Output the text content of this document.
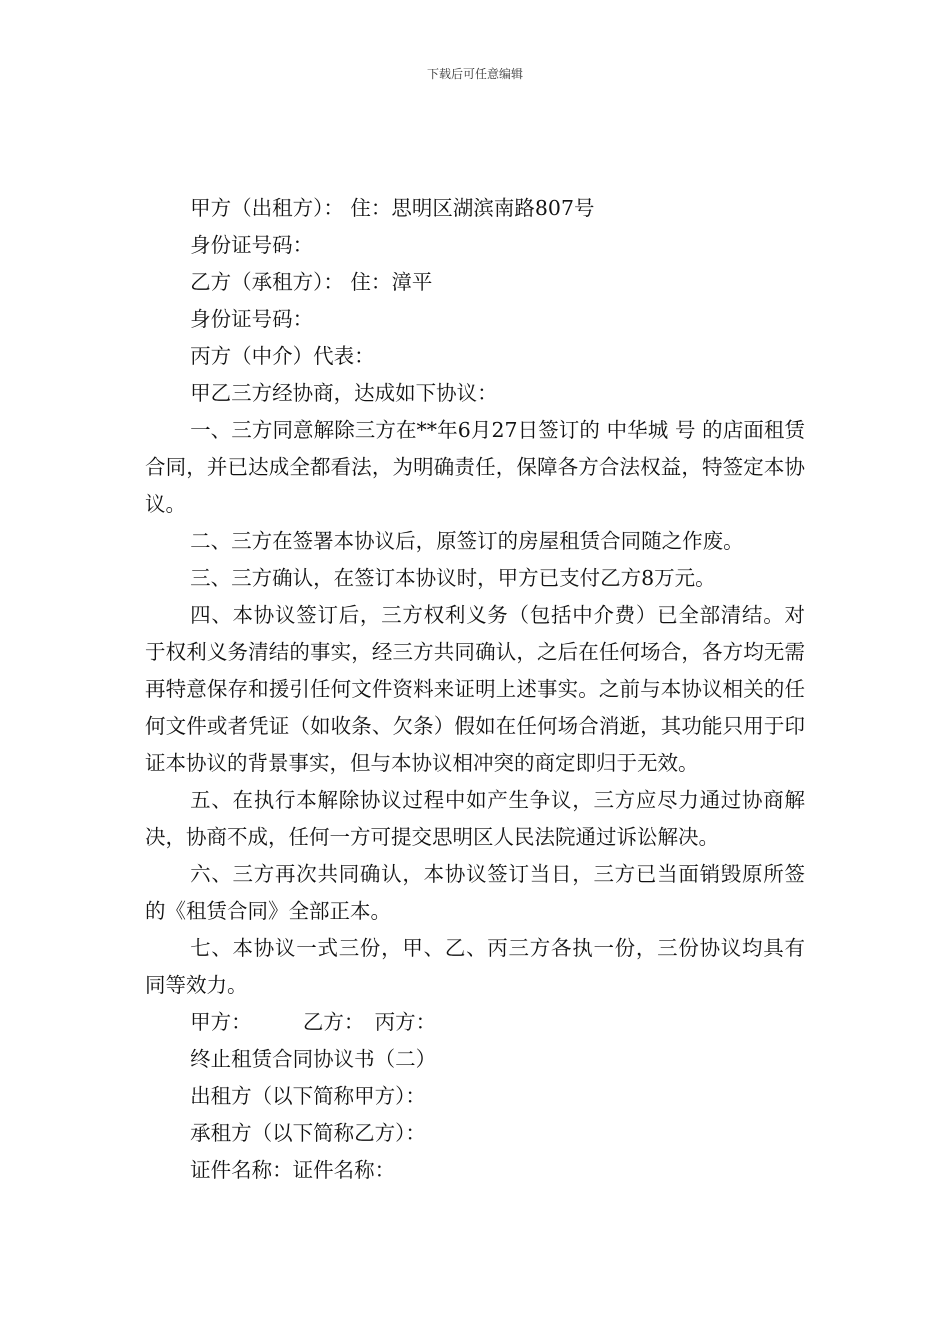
下载后可任意编辑

甲方（出租方）： 住：思明区湖滨南路807号

身份证号码：

乙方（承租方）： 住：漳平

身份证号码：

丙方（中介）代表：

甲乙三方经协商，达成如下协议：

一、三方同意解除三方在**年6月27日签订的 中华城 号 的店面租赁合同，并已达成全都看法，为明确责任，保障各方合法权益，特签定本协议。

二、三方在签署本协议后，原签订的房屋租赁合同随之作废。

三、三方确认，在签订本协议时，甲方已支付乙方8万元。

四、本协议签订后，三方权利义务（包括中介费）已全部清结。对于权利义务清结的事实，经三方共同确认，之后在任何场合，各方均无需再特意保存和援引任何文件资料来证明上述事实。之前与本协议相关的任何文件或者凭证（如收条、欠条）假如在任何场合消逝，其功能只用于印证本协议的背景事实，但与本协议相冲突的商定即归于无效。

五、在执行本解除协议过程中如产生争议，三方应尽力通过协商解决，协商不成，任何一方可提交思明区人民法院通过诉讼解决。

六、三方再次共同确认，本协议签订当日，三方已当面销毁原所签的《租赁合同》全部正本。

七、本协议一式三份，甲、乙、丙三方各执一份，三份协议均具有同等效力。

甲方：　　　乙方：　丙方：

终止租赁合同协议书（二）

出租方（以下简称甲方）：

承租方（以下简称乙方）：

证件名称：证件名称：
